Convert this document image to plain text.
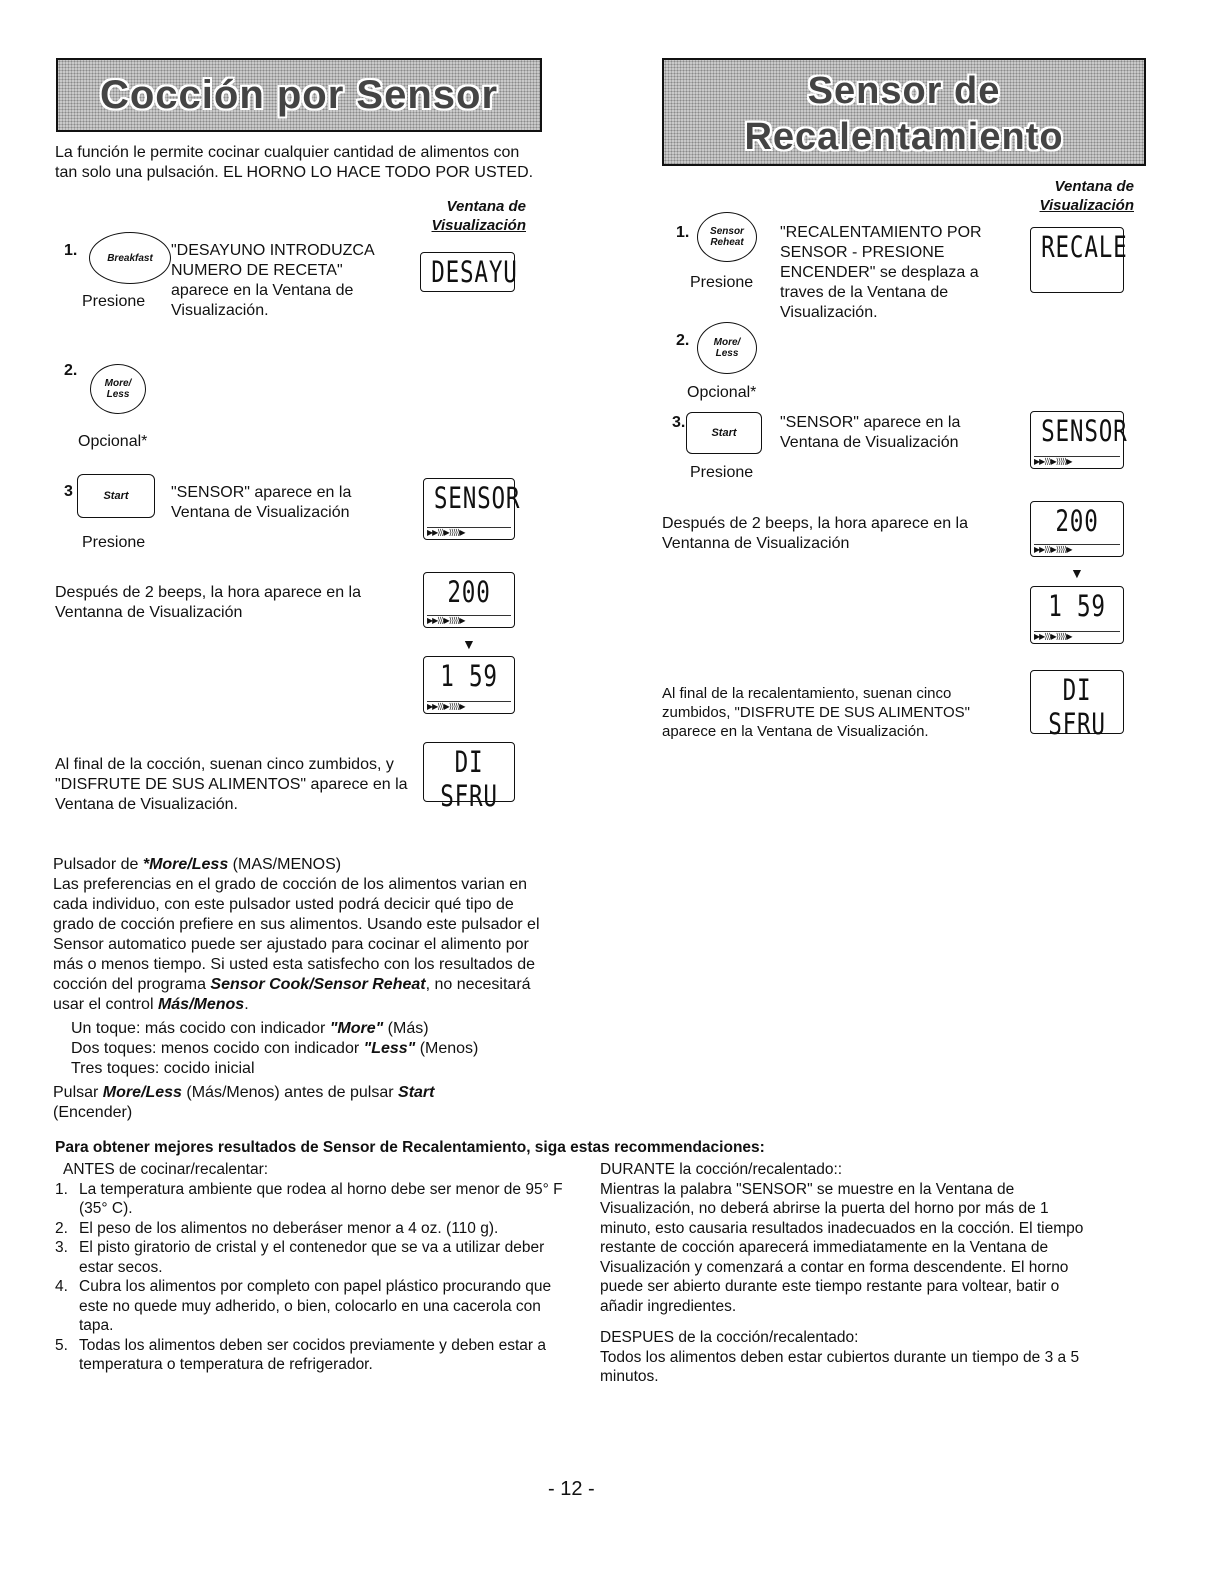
Cocción por Sensor
La función le permite cocinar cualquier cantidad de alimentos con tan solo una pulsación. EL HORNO LO HACE TODO POR USTED.
Ventana de
Visualización
1.	Breakfast
Presione
"DESAYUNO INTRODUZCA NUMERO DE RECETA" aparece en la Ventana de Visualización.
DESAYU
2.
More/
Less
Opcional*
3	Start
Presione
"SENSOR" aparece en la Ventana de Visualización	SENSOR
▶▶⟩⟩⟩▶⟩⟩⟩⟩⟩▶
Después de 2 beeps, la hora aparece en la Ventanna de Visualización
200
▶▶⟩⟩⟩▶⟩⟩⟩⟩⟩▶
▼
1 59
▶▶⟩⟩⟩▶⟩⟩⟩⟩⟩▶
Al final de la cocción, suenan cinco zumbidos, y "DISFRUTE DE SUS ALIMENTOS" aparece en la Ventana de Visualización.
DI SFRU
Pulsador de *More/Less (MAS/MENOS)
Las preferencias en el grado de cocción de los alimentos varian en cada individuo, con este pulsador usted podrá decicir qué tipo de grado de cocción prefiere en sus alimentos. Usando este pulsador el Sensor automatico puede ser ajustado para cocinar el alimento por más o menos tiempo. Si usted esta satisfecho con los resultados de cocción del programa Sensor Cook/Sensor Reheat, no necesitará usar el control Más/Menos.
Un toque: más cocido con indicador "More" (Más)
Dos toques: menos cocido con indicador "Less" (Menos)
Tres toques: cocido inicial
Pulsar More/Less (Más/Menos) antes de pulsar Start (Encender)
Sensor de
Recalentamiento
Ventana de
Visualización
1. Sensor
Reheat
Presione
"RECALENTAMIENTO POR SENSOR - PRESIONE ENCENDER" se desplaza a traves de la Ventana de Visualización.
RECALE
2. More/
Less
Opcional*
3.
Start
Presione
"SENSOR" aparece en la Ventana de Visualización	SENSOR
▶▶⟩⟩⟩▶⟩⟩⟩⟩⟩▶
Después de 2 beeps, la hora aparece en la Ventanna de Visualización
200
▶▶⟩⟩⟩▶⟩⟩⟩⟩⟩▶
▼
1 59
▶▶⟩⟩⟩▶⟩⟩⟩⟩⟩▶
Al final de la recalentamiento, suenan cinco zumbidos, "DISFRUTE DE SUS ALIMENTOS" aparece en la Ventana de Visualización.
DI SFRU
Para obtener mejores resultados de Sensor de Recalentamiento, siga estas recommendaciones:
ANTES de cocinar/recalentar:
1. La temperatura ambiente que rodea al horno debe ser menor de 95° F (35° C).
2. El peso de los alimentos no deberáser menor a 4 oz. (110 g).
3. El pisto giratorio de cristal y el contenedor que se va a utilizar deber estar secos.
4. Cubra los alimentos por completo con papel plástico procurando que este no quede muy adherido, o bien, colocarlo en una cacerola con tapa.
5. Todas los alimentos deben ser cocidos previamente y deben estar a temperatura o temperatura de refrigerador.
DURANTE la cocción/recalentado::
Mientras la palabra "SENSOR" se muestre en la Ventana de Visualización, no deberá abrirse la puerta del horno por más de 1 minuto, esto causaria resultados inadecuados en la cocción. El tiempo restante de cocción aparecerá immediatamente en la Ventana de Visualización y comenzará a contar en forma descendente. El horno puede ser abierto durante este tiempo restante para voltear, batir o añadir ingredientes.
DESPUES de la cocción/recalentado:
Todos los alimentos deben estar cubiertos durante un tiempo de 3 a 5 minutos.
- 12 -
